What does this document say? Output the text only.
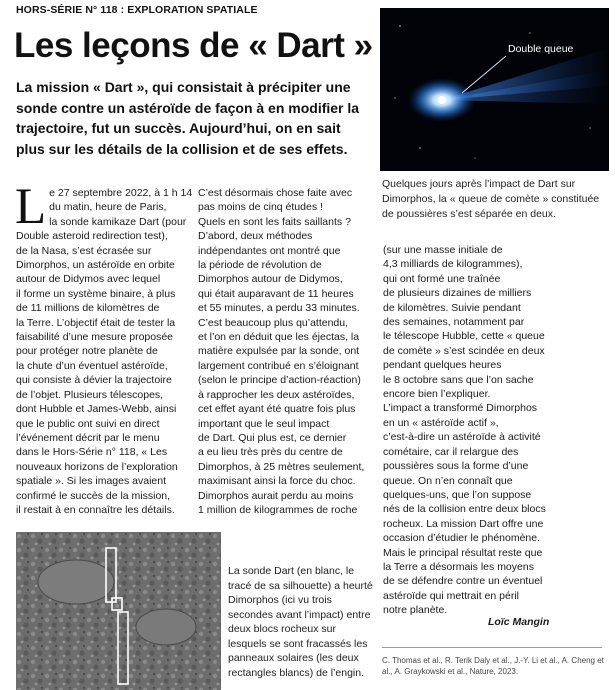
HORS-SÉRIE N° 118 : EXPLORATION SPATIALE
Les leçons de « Dart »

La mission « Dart », qui consistait à précipiter une sonde contre un astéroïde de façon à en modifier la trajectoire, fut un succès. Aujourd’hui, on en sait plus sur les détails de la collision et de ses effets.

Double queue

Quelques jours après l’impact de Dart sur Dimorphos, la « queue de comète » constituée de poussières s’est séparée en deux.

L e 27 septembre 2022, à 1 h 14
du matin, heure de Paris,
la sonde kamikaze Dart (pour
Double asteroid redirection test),
de la Nasa, s’est écrasée sur
Dimorphos, un astéroïde en orbite
autour de Didymos avec lequel
il forme un système binaire, à plus
de 11 millions de kilomètres de
la Terre. L’objectif était de tester la
faisabilité d’une mesure proposée
pour protéger notre planète de
la chute d’un éventuel astéroïde,
qui consiste à dévier la trajectoire
de l’objet. Plusieurs télescopes,
dont Hubble et James-Webb, ainsi
que le public ont suivi en direct
l’événement décrit par le menu
dans le Hors-Série n° 118, « Les
nouveaux horizons de l’exploration
spatiale ». Si les images avaient
confirmé le succès de la mission,
il restait à en connaître les détails.

C’est désormais chose faite avec
pas moins de cinq études !
Quels en sont les faits saillants ?
D’abord, deux méthodes
indépendantes ont montré que
la période de révolution de
Dimorphos autour de Didymos,
qui était auparavant de 11 heures
et 55 minutes, a perdu 33 minutes.
C’est beaucoup plus qu’attendu,
et l’on en déduit que les éjectas, la
matière expulsée par la sonde, ont
largement contribué en s’éloignant
(selon le principe d’action-réaction)
à rapprocher les deux astéroïdes,
cet effet ayant été quatre fois plus
important que le seul impact
de Dart. Qui plus est, ce dernier
a eu lieu très près du centre de
Dimorphos, à 25 mètres seulement,
maximisant ainsi la force du choc.
Dimorphos aurait perdu au moins
1 million de kilogrammes de roche

(sur une masse initiale de
4,3 milliards de kilogrammes),
qui ont formé une traînée
de plusieurs dizaines de milliers
de kilomètres. Suivie pendant
des semaines, notamment par
le télescope Hubble, cette « queue
de comète » s’est scindée en deux
pendant quelques heures
le 8 octobre sans que l’on sache
encore bien l’expliquer.
L’impact a transformé Dimorphos
en un « astéroïde actif »,
c’est-à-dire un astéroïde à activité
cométaire, car il relargue des
poussières sous la forme d’une
queue. On n’en connaît que
quelques-uns, que l’on suppose
nés de la collision entre deux blocs
rocheux. La mission Dart offre une
occasion d’étudier le phénomène.
Mais le principal résultat reste que
la Terre a désormais les moyens
de se défendre contre un éventuel
astéroïde qui mettrait en péril
notre planète.

Loïc Mangin

C. Thomas et al., R. Terik Daly et al., J.-Y. Li et al., A. Cheng et al., A. Graykowski et al., Nature, 2023.

La sonde Dart (en blanc, le tracé de sa silhouette) a heurté Dimorphos (ici vu trois secondes avant l’impact) entre deux blocs rocheux sur lesquels se sont fracassés les panneaux solaires (les deux rectangles blancs) de l’engin.
